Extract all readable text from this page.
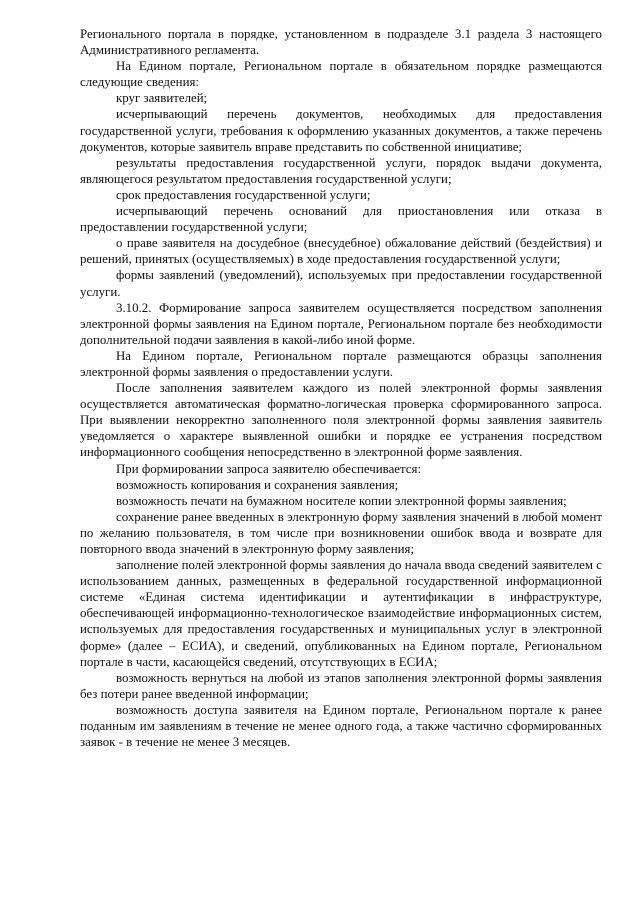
Регионального портала в порядке, установленном в подразделе 3.1 раздела 3 настоящего Административного регламента.

На Едином портале, Региональном портале в обязательном порядке размещаются следующие сведения:

круг заявителей;

исчерпывающий перечень документов, необходимых для предоставления государственной услуги, требования к оформлению указанных документов, а также перечень документов, которые заявитель вправе представить по собственной инициативе;

результаты предоставления государственной услуги, порядок выдачи документа, являющегося результатом предоставления государственной услуги;

срок предоставления государственной услуги;

исчерпывающий перечень оснований для приостановления или отказа в предоставлении государственной услуги;

о праве заявителя на досудебное (внесудебное) обжалование действий (бездействия) и решений, принятых (осуществляемых) в ходе предоставления государственной услуги;

формы заявлений (уведомлений), используемых при предоставлении государственной услуги.

3.10.2. Формирование запроса заявителем осуществляется посредством заполнения электронной формы заявления на Едином портале, Региональном портале без необходимости дополнительной подачи заявления в какой-либо иной форме.

На Едином портале, Региональном портале размещаются образцы заполнения электронной формы заявления о предоставлении услуги.

После заполнения заявителем каждого из полей электронной формы заявления осуществляется автоматическая форматно-логическая проверка сформированного запроса. При выявлении некорректно заполненного поля электронной формы заявления заявитель уведомляется о характере выявленной ошибки и порядке ее устранения посредством информационного сообщения непосредственно в электронной форме заявления.

При формировании запроса заявителю обеспечивается:

возможность копирования и сохранения заявления;

возможность печати на бумажном носителе копии электронной формы заявления;

сохранение ранее введенных в электронную форму заявления значений в любой момент по желанию пользователя, в том числе при возникновении ошибок ввода и возврате для повторного ввода значений в электронную форму заявления;

заполнение полей электронной формы заявления до начала ввода сведений заявителем с использованием данных, размещенных в федеральной государственной информационной системе «Единая система идентификации и аутентификации в инфраструктуре, обеспечивающей информационно-технологическое взаимодействие информационных систем, используемых для предоставления государственных и муниципальных услуг в электронной форме» (далее – ЕСИА), и сведений, опубликованных на Едином портале, Региональном портале в части, касающейся сведений, отсутствующих в ЕСИА;

возможность вернуться на любой из этапов заполнения электронной формы заявления без потери ранее введенной информации;

возможность доступа заявителя на Едином портале, Региональном портале к ранее поданным им заявлениям в течение не менее одного года, а также частично сформированных заявок - в течение не менее 3 месяцев.
